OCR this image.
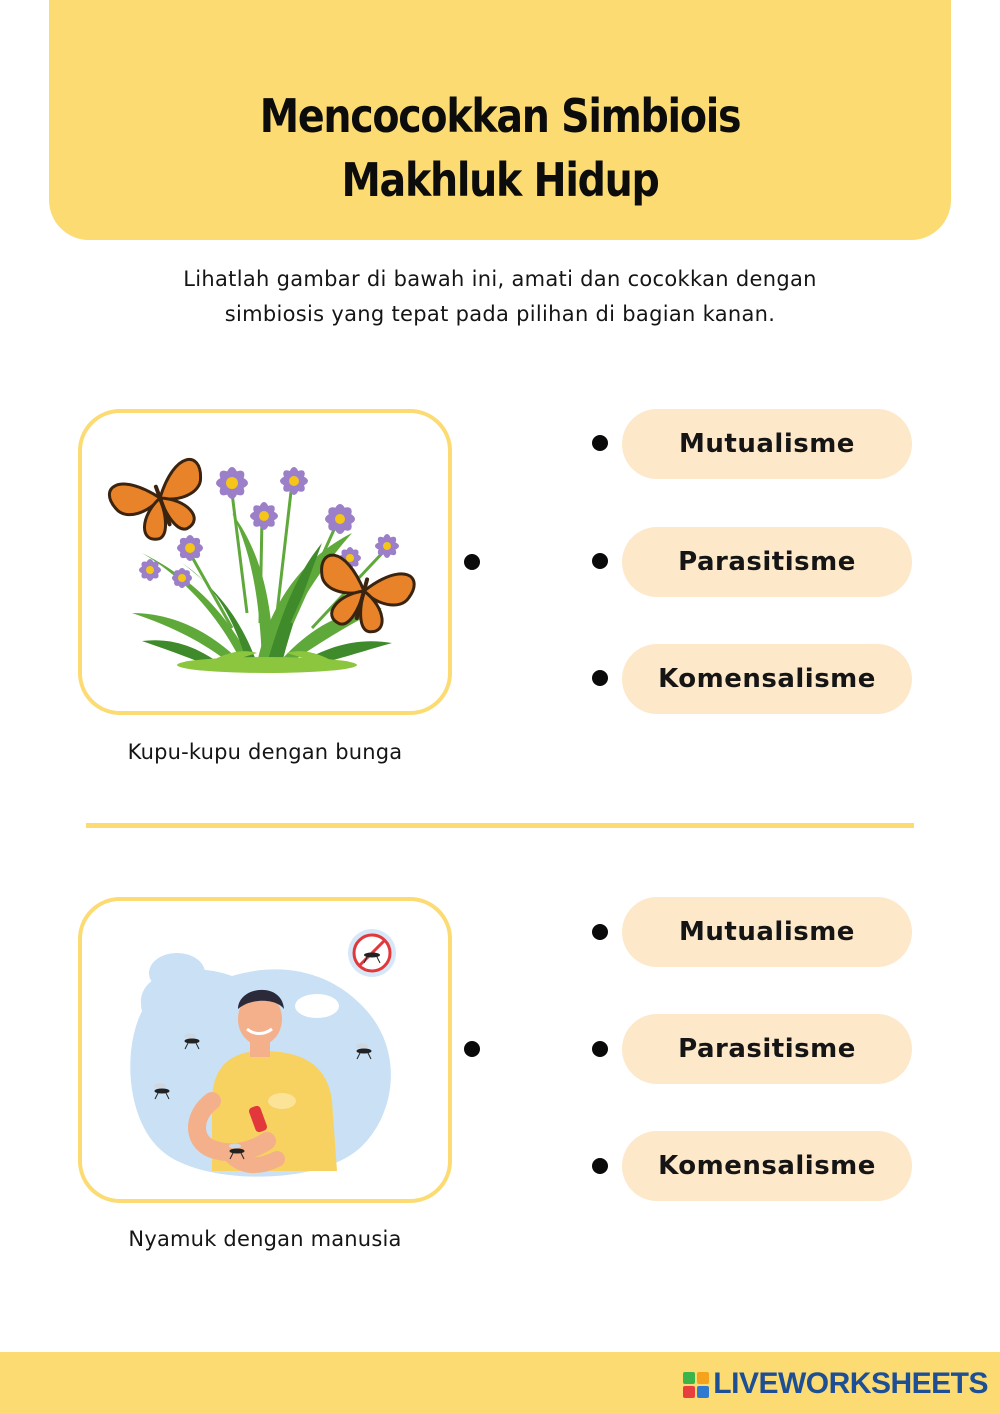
Mencocokkan Simbiois
Makhluk Hidup
Lihatlah gambar di bawah ini, amati dan cocokkan dengan
simbiosis yang tepat pada pilihan di bagian kanan.
Kupu-kupu dengan bunga
Mutualisme
Parasitisme
Komensalisme
Nyamuk dengan manusia
Mutualisme
Parasitisme
Komensalisme
LIVEWORKSHEETS
